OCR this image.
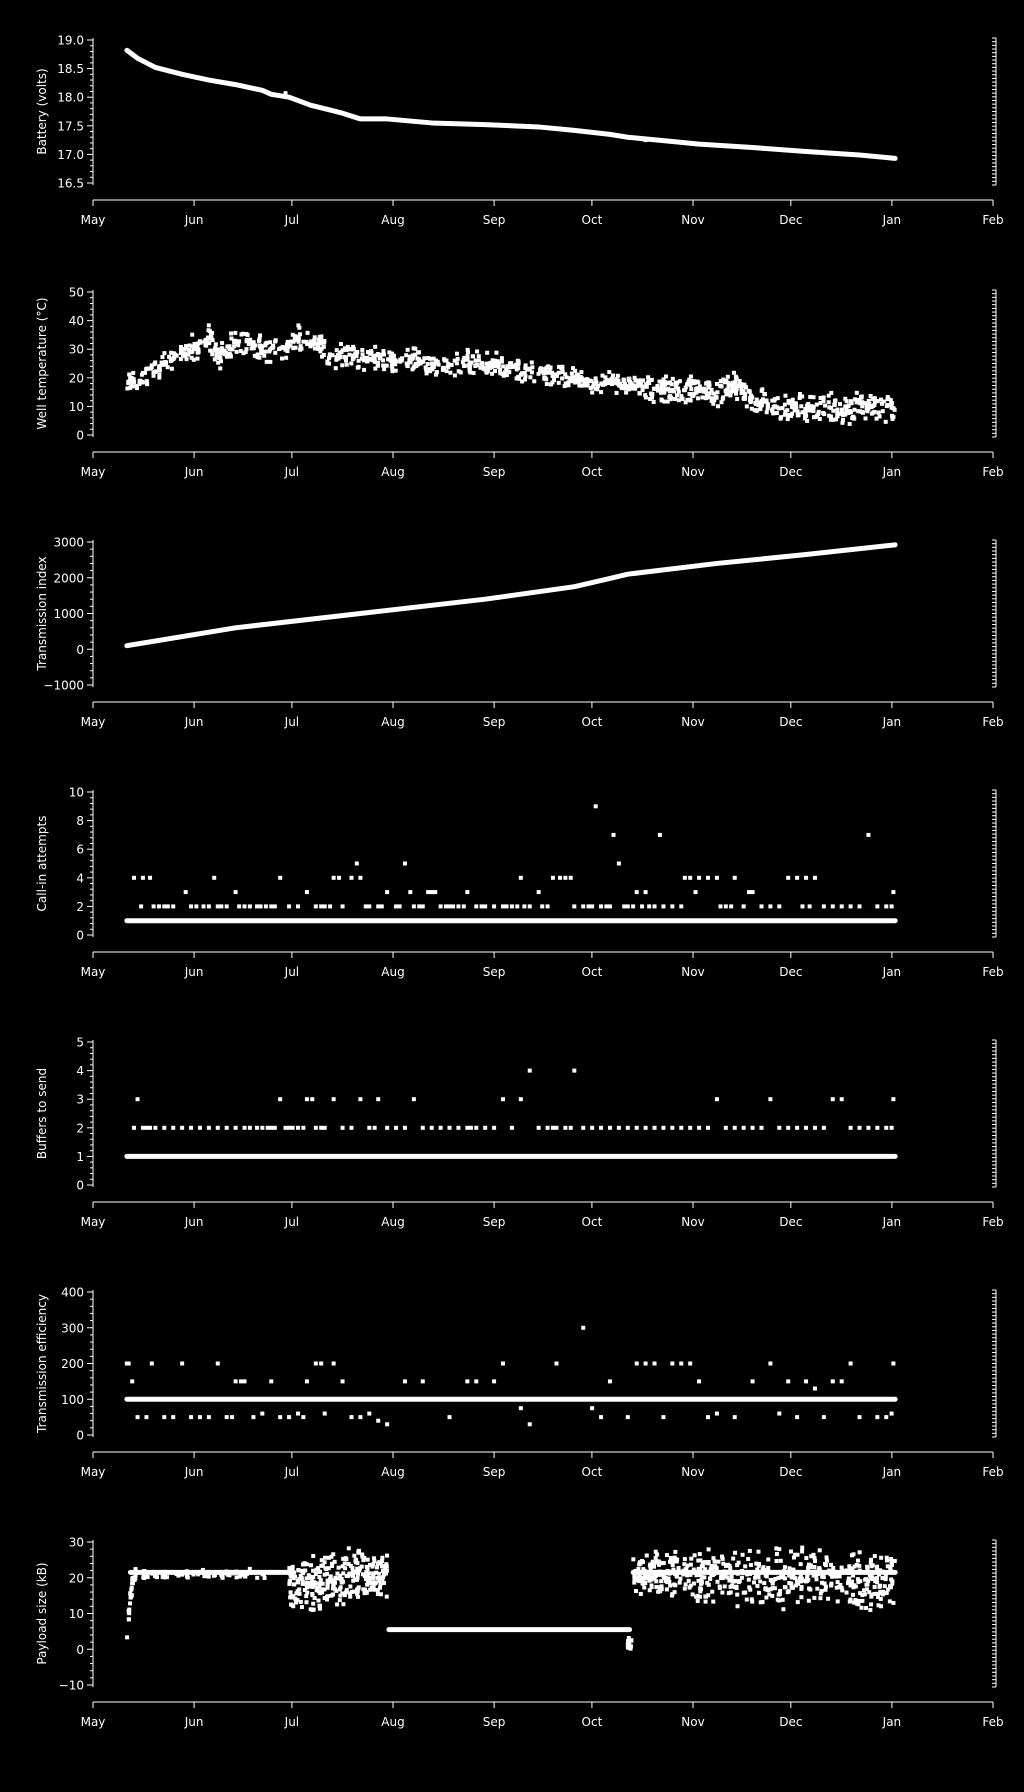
16.5
17.0
17.5
18.0
18.5
19.0
Battery (volts)
May	Jun	Jul	Aug	Sep	Oct	Nov	Dec	Jan	Feb
0
10
20
30
40
50
Well temperature (°C)
May	Jun	Jul	Aug	Sep	Oct	Nov	Dec	Jan	Feb
−1000
0
1000
2000
3000
Transmission index
May	Jun	Jul	Aug	Sep	Oct	Nov	Dec	Jan	Feb
0
2
4
6
8
10
Call-in attempts
May	Jun	Jul	Aug	Sep	Oct	Nov	Dec	Jan	Feb
0
1
2
3
4
5
Buffers to send
May	Jun	Jul	Aug	Sep	Oct	Nov	Dec	Jan	Feb
0
100
200
300
400
Transmission efficiency
May	Jun	Jul	Aug	Sep	Oct	Nov	Dec	Jan	Feb
−10
0
10
20
30
Payload size (kB)
May	Jun	Jul	Aug	Sep	Oct	Nov	Dec	Jan	Feb
